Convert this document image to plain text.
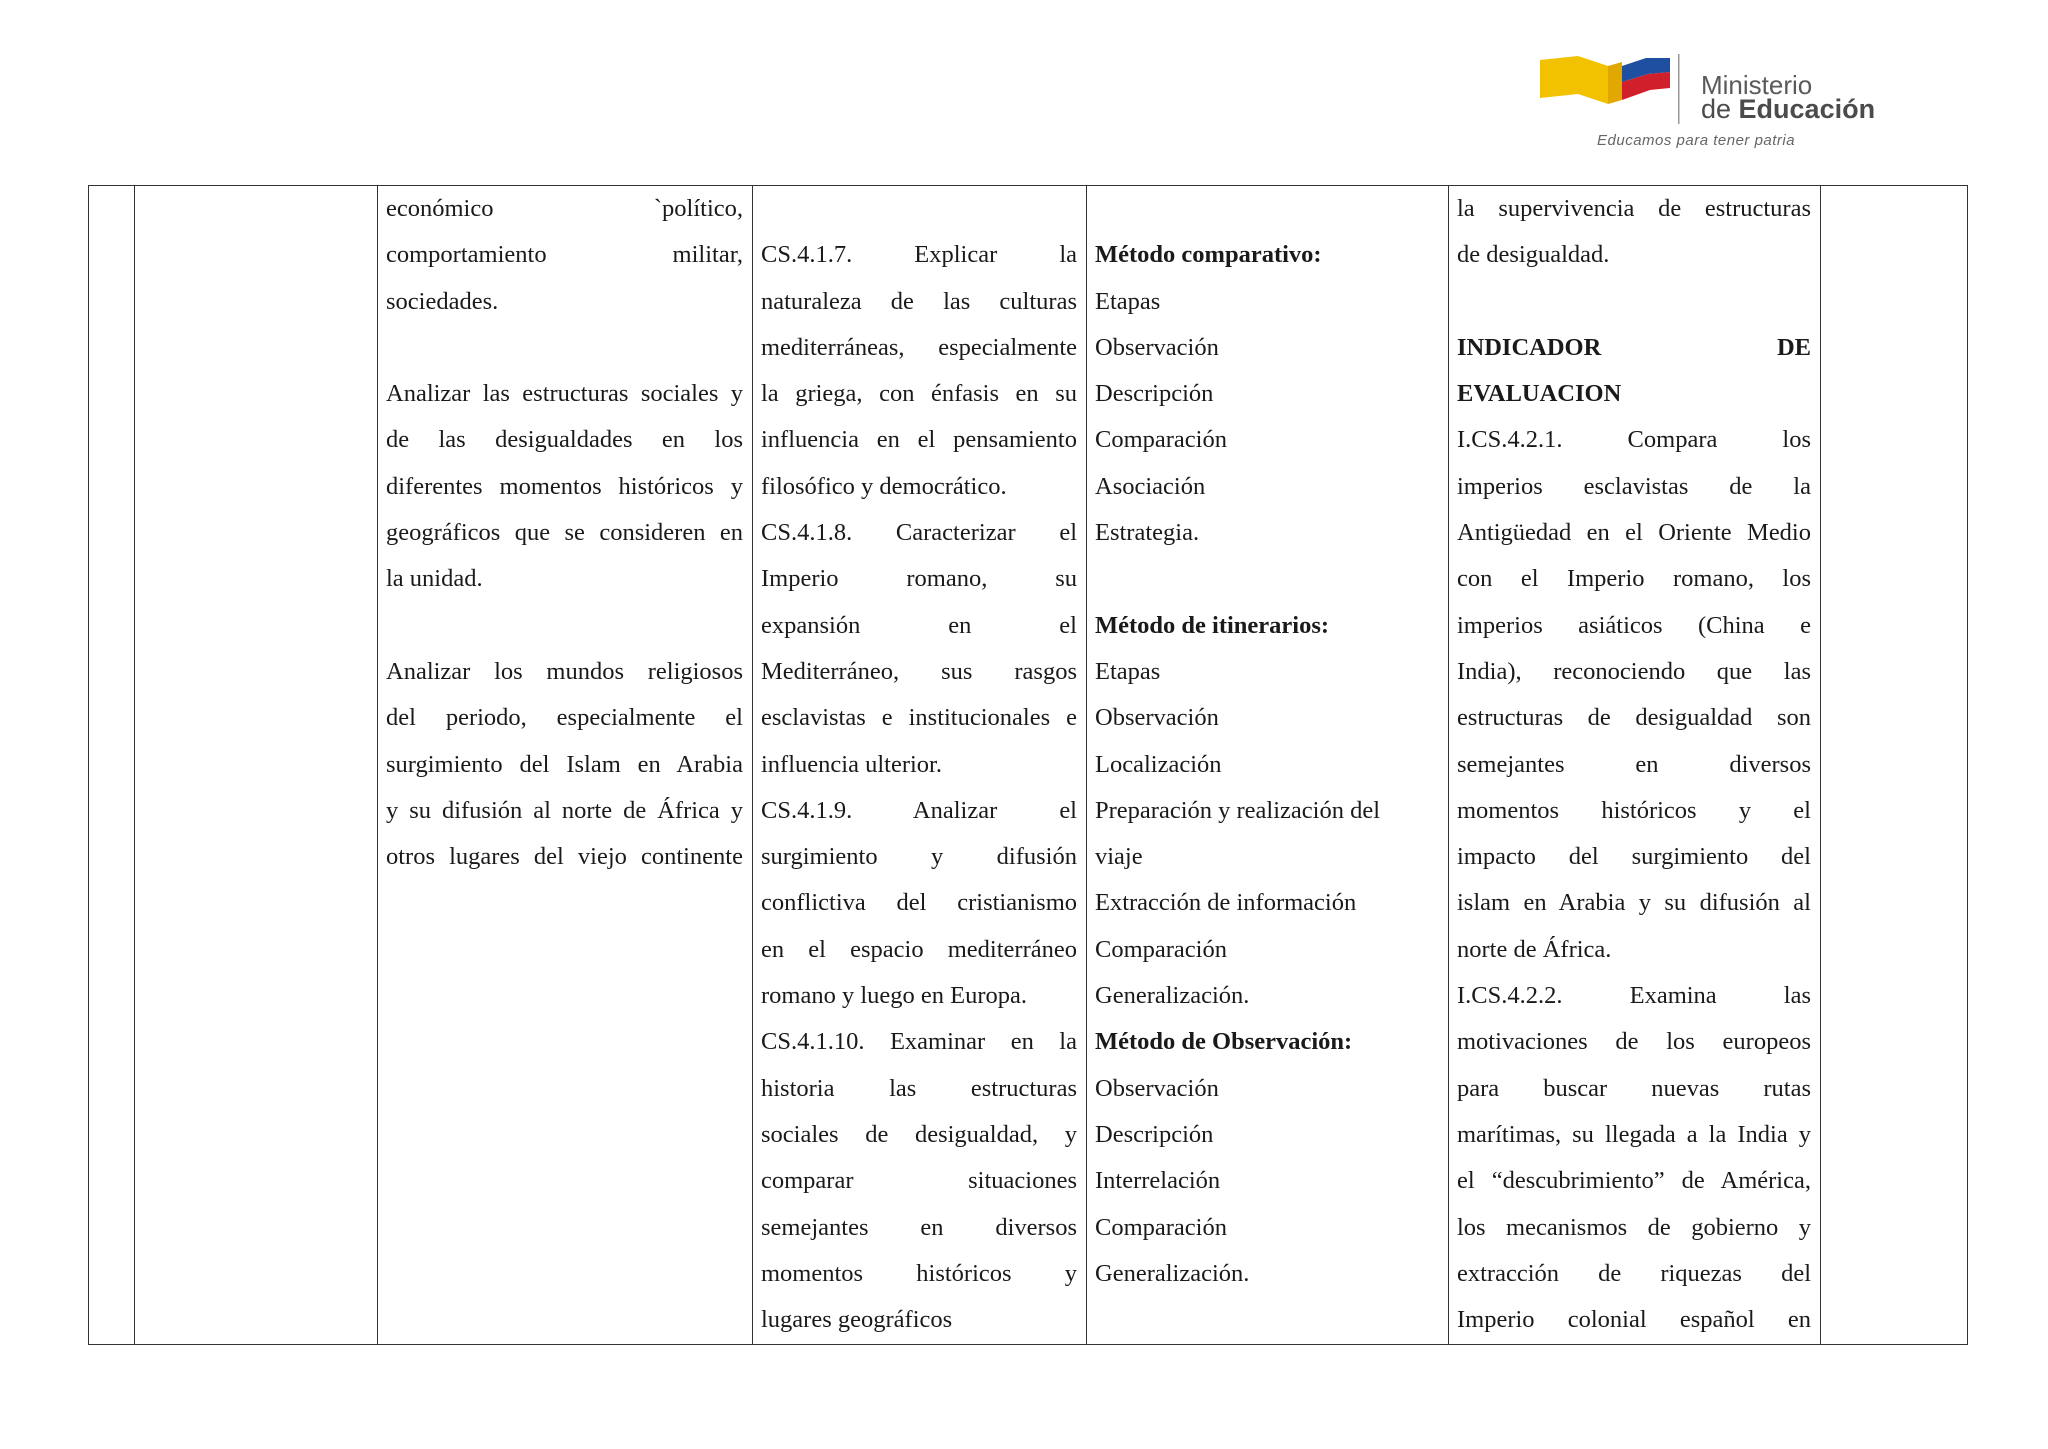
Ministerio
de Educación
Educamos para tener patria
económico `político,
comportamiento militar,
sociedades.
Analizar las estructuras sociales y
de las desigualdades en los
diferentes momentos históricos y
geográficos que se consideren en
la unidad.
Analizar los mundos religiosos
del periodo, especialmente el
surgimiento del Islam en Arabia
y su difusión al norte de África y
otros lugares del viejo continente
CS.4.1.7. Explicar la
naturaleza de las culturas
mediterráneas, especialmente
la griega, con énfasis en su
influencia en el pensamiento
filosófico y democrático.
CS.4.1.8. Caracterizar el
Imperio romano, su
expansión en el
Mediterráneo, sus rasgos
esclavistas e institucionales e
influencia ulterior.
CS.4.1.9. Analizar el
surgimiento y difusión
conflictiva del cristianismo
en el espacio mediterráneo
romano y luego en Europa.
CS.4.1.10. Examinar en la
historia las estructuras
sociales de desigualdad, y
comparar situaciones
semejantes en diversos
momentos históricos y
lugares geográficos
Método comparativo:
Etapas
Observación
Descripción
Comparación
Asociación
Estrategia.
Método de itinerarios:
Etapas
Observación
Localización
Preparación y realización del
viaje
Extracción de información
Comparación
Generalización.
Método de Observación:
Observación
Descripción
Interrelación
Comparación
Generalización.
la supervivencia de estructuras
de desigualdad.
INDICADOR DE
EVALUACION
I.CS.4.2.1. Compara los
imperios esclavistas de la
Antigüedad en el Oriente Medio
con el Imperio romano, los
imperios asiáticos (China e
India), reconociendo que las
estructuras de desigualdad son
semejantes en diversos
momentos históricos y el
impacto del surgimiento del
islam en Arabia y su difusión al
norte de África.
I.CS.4.2.2. Examina las
motivaciones de los europeos
para buscar nuevas rutas
marítimas, su llegada a la India y
el “descubrimiento” de América,
los mecanismos de gobierno y
extracción de riquezas del
Imperio colonial español en
